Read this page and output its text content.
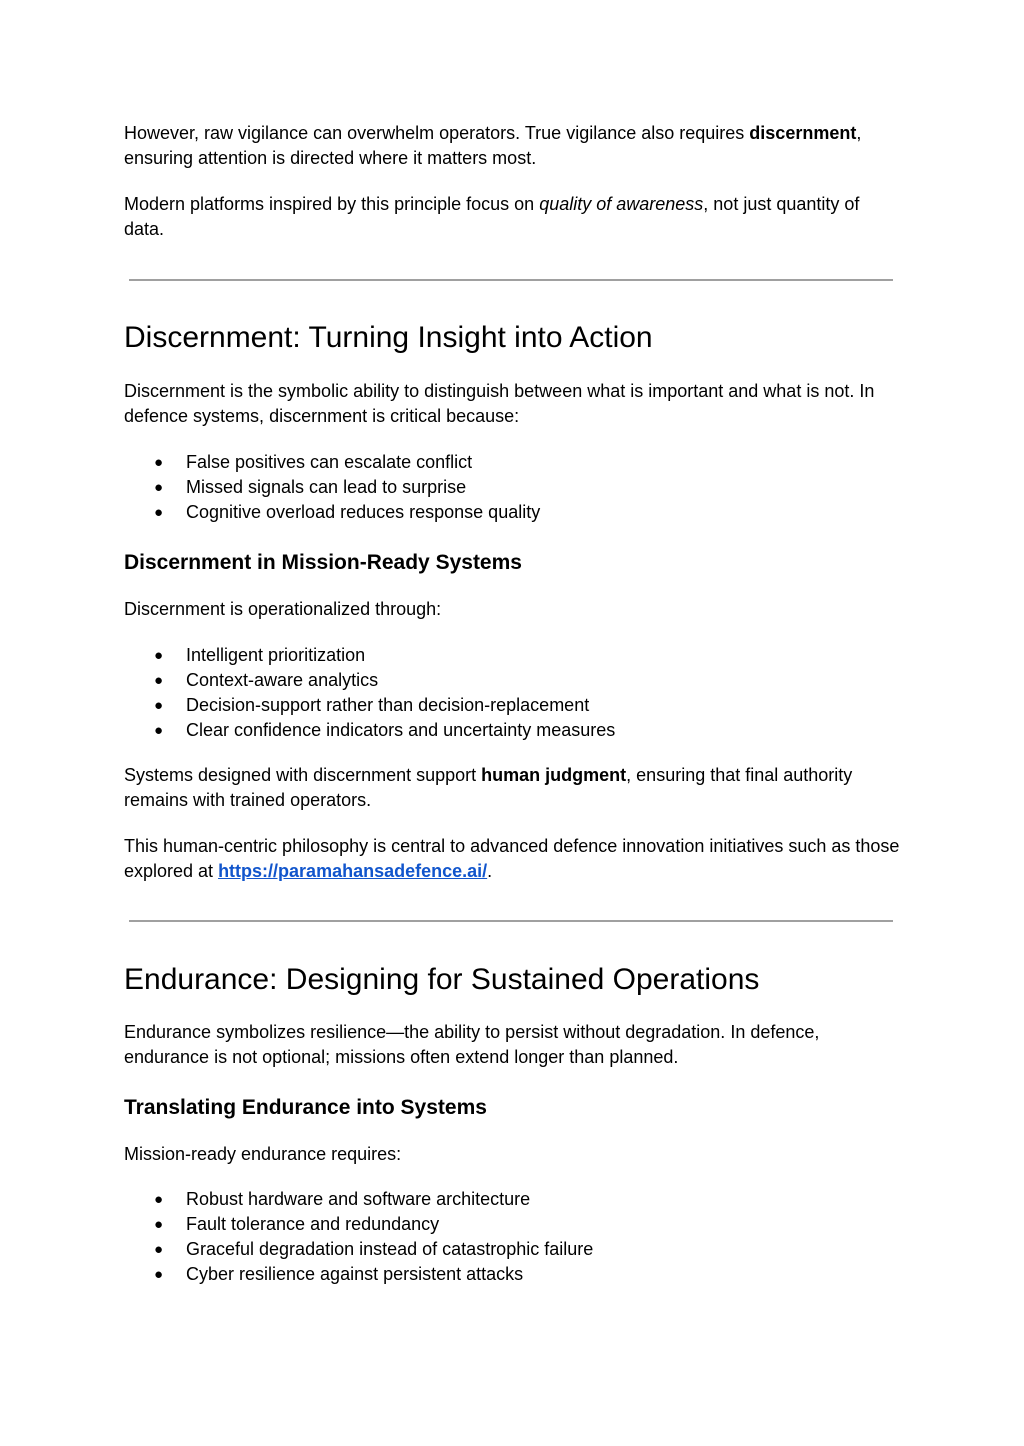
However, raw vigilance can overwhelm operators. True vigilance also requires discernment, ensuring attention is directed where it matters most.

Modern platforms inspired by this principle focus on quality of awareness, not just quantity of data.

Discernment: Turning Insight into Action

Discernment is the symbolic ability to distinguish between what is important and what is not. In defence systems, discernment is critical because:

● False positives can escalate conflict
● Missed signals can lead to surprise
● Cognitive overload reduces response quality
Discernment in Mission-Ready Systems

Discernment is operationalized through:

● Intelligent prioritization
● Context-aware analytics
● Decision-support rather than decision-replacement
● Clear confidence indicators and uncertainty measures

Systems designed with discernment support human judgment, ensuring that final authority remains with trained operators.

This human-centric philosophy is central to advanced defence innovation initiatives such as those explored at https://paramahansadefence.ai/.

Endurance: Designing for Sustained Operations

Endurance symbolizes resilience—the ability to persist without degradation. In defence, endurance is not optional; missions often extend longer than planned.

Translating Endurance into Systems

Mission-ready endurance requires:

● Robust hardware and software architecture
● Fault tolerance and redundancy
● Graceful degradation instead of catastrophic failure
● Cyber resilience against persistent attacks
